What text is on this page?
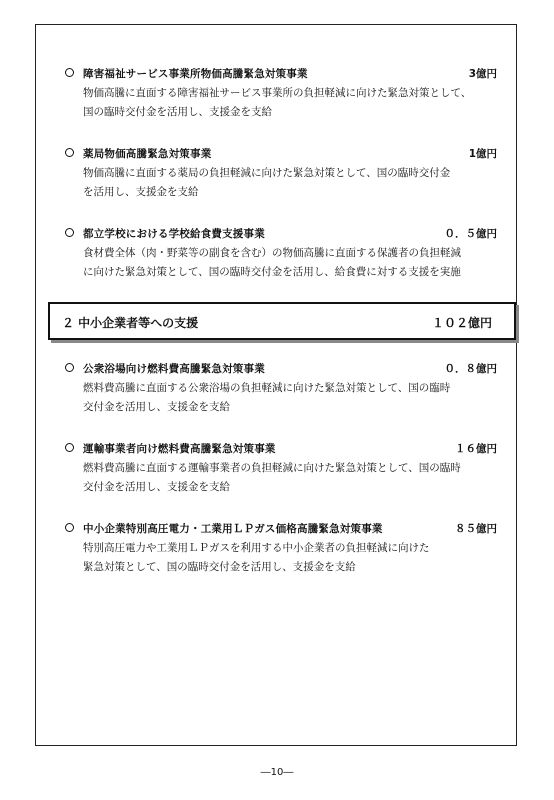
障害福祉サービス事業所物価高騰緊急対策事業	3億円
物価高騰に直面する障害福祉サービス事業所の負担軽減に向けた緊急対策として、
国の臨時交付金を活用し、支援金を支給
薬局物価高騰緊急対策事業	1億円
物価高騰に直面する薬局の負担軽減に向けた緊急対策として、国の臨時交付金
を活用し、支援金を支給
都立学校における学校給食費支援事業	０．５億円
食材費全体（肉・野菜等の副食を含む）の物価高騰に直面する保護者の負担軽減
に向けた緊急対策として、国の臨時交付金を活用し、給食費に対する支援を実施
２ 中小企業者等への支援	１０２億円
公衆浴場向け燃料費高騰緊急対策事業	０．８億円
燃料費高騰に直面する公衆浴場の負担軽減に向けた緊急対策として、国の臨時
交付金を活用し、支援金を支給
運輸事業者向け燃料費高騰緊急対策事業	１６億円
燃料費高騰に直面する運輸事業者の負担軽減に向けた緊急対策として、国の臨時
交付金を活用し、支援金を支給
中小企業特別高圧電力・工業用ＬＰガス価格高騰緊急対策事業	８５億円
特別高圧電力や工業用ＬＰガスを利用する中小企業者の負担軽減に向けた
緊急対策として、国の臨時交付金を活用し、支援金を支給
―10―
